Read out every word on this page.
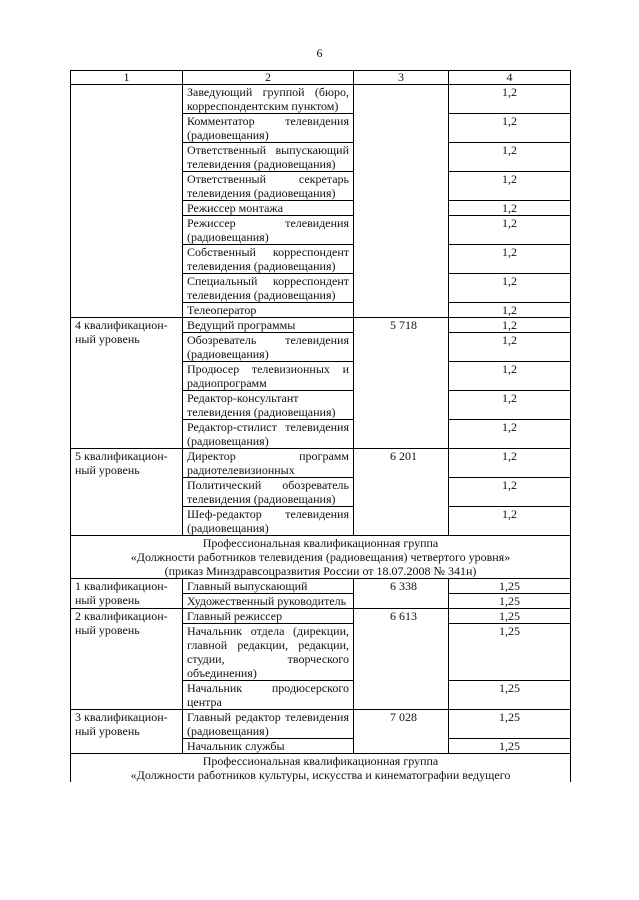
6
1	2	3	4
	Заведующий группой (бюро, корреспондентским пунктом)		1,2
	Комментатор телевидения (радиовещания)		1,2
	Ответственный выпускающий телевидения (радиовещания)		1,2
	Ответственный секретарь телевидения (радиовещания)		1,2
	Режиссер монтажа		1,2
	Режиссер телевидения (радиовещания)		1,2
	Собственный корреспондент телевидения (радиовещания)		1,2
	Специальный корреспондент телевидения (радиовещания)		1,2
	Телеоператор		1,2
4 квалификацион-ный уровень	Ведущий программы	5 718	1,2
	Обозреватель телевидения (радиовещания)		1,2
	Продюсер телевизионных и радиопрограмм		1,2
	Редактор-консультант телевидения (радиовещания)		1,2
	Редактор-стилист телевидения (радиовещания)		1,2
5 квалификацион-ный уровень	Директор программ радиотелевизионных	6 201	1,2
	Политический обозреватель телевидения (радиовещания)		1,2
	Шеф-редактор телевидения (радиовещания)		1,2

Профессиональная квалификационная группа
«Должности работников телевидения (радиовещания) четвертого уровня»
(приказ Минздравсоцразвития России от 18.07.2008 № 341н)			

1 квалификацион-ный уровень	Главный выпускающий	6 338	1,25
	Художественный руководитель		1,25
2 квалификацион-ный уровень	Главный режиссер	6 613	1,25
	Начальник отдела (дирекции, главной редакции, редакции, студии, творческого объединения)		1,25
	Начальник продюсерского центра		1,25
3 квалификацион-ный уровень	Главный редактор телевидения (радиовещания)	7 028	1,25
	Начальник службы		1,25

Профессиональная квалификационная группа
«Должности работников культуры, искусства и кинематографии ведущего			
